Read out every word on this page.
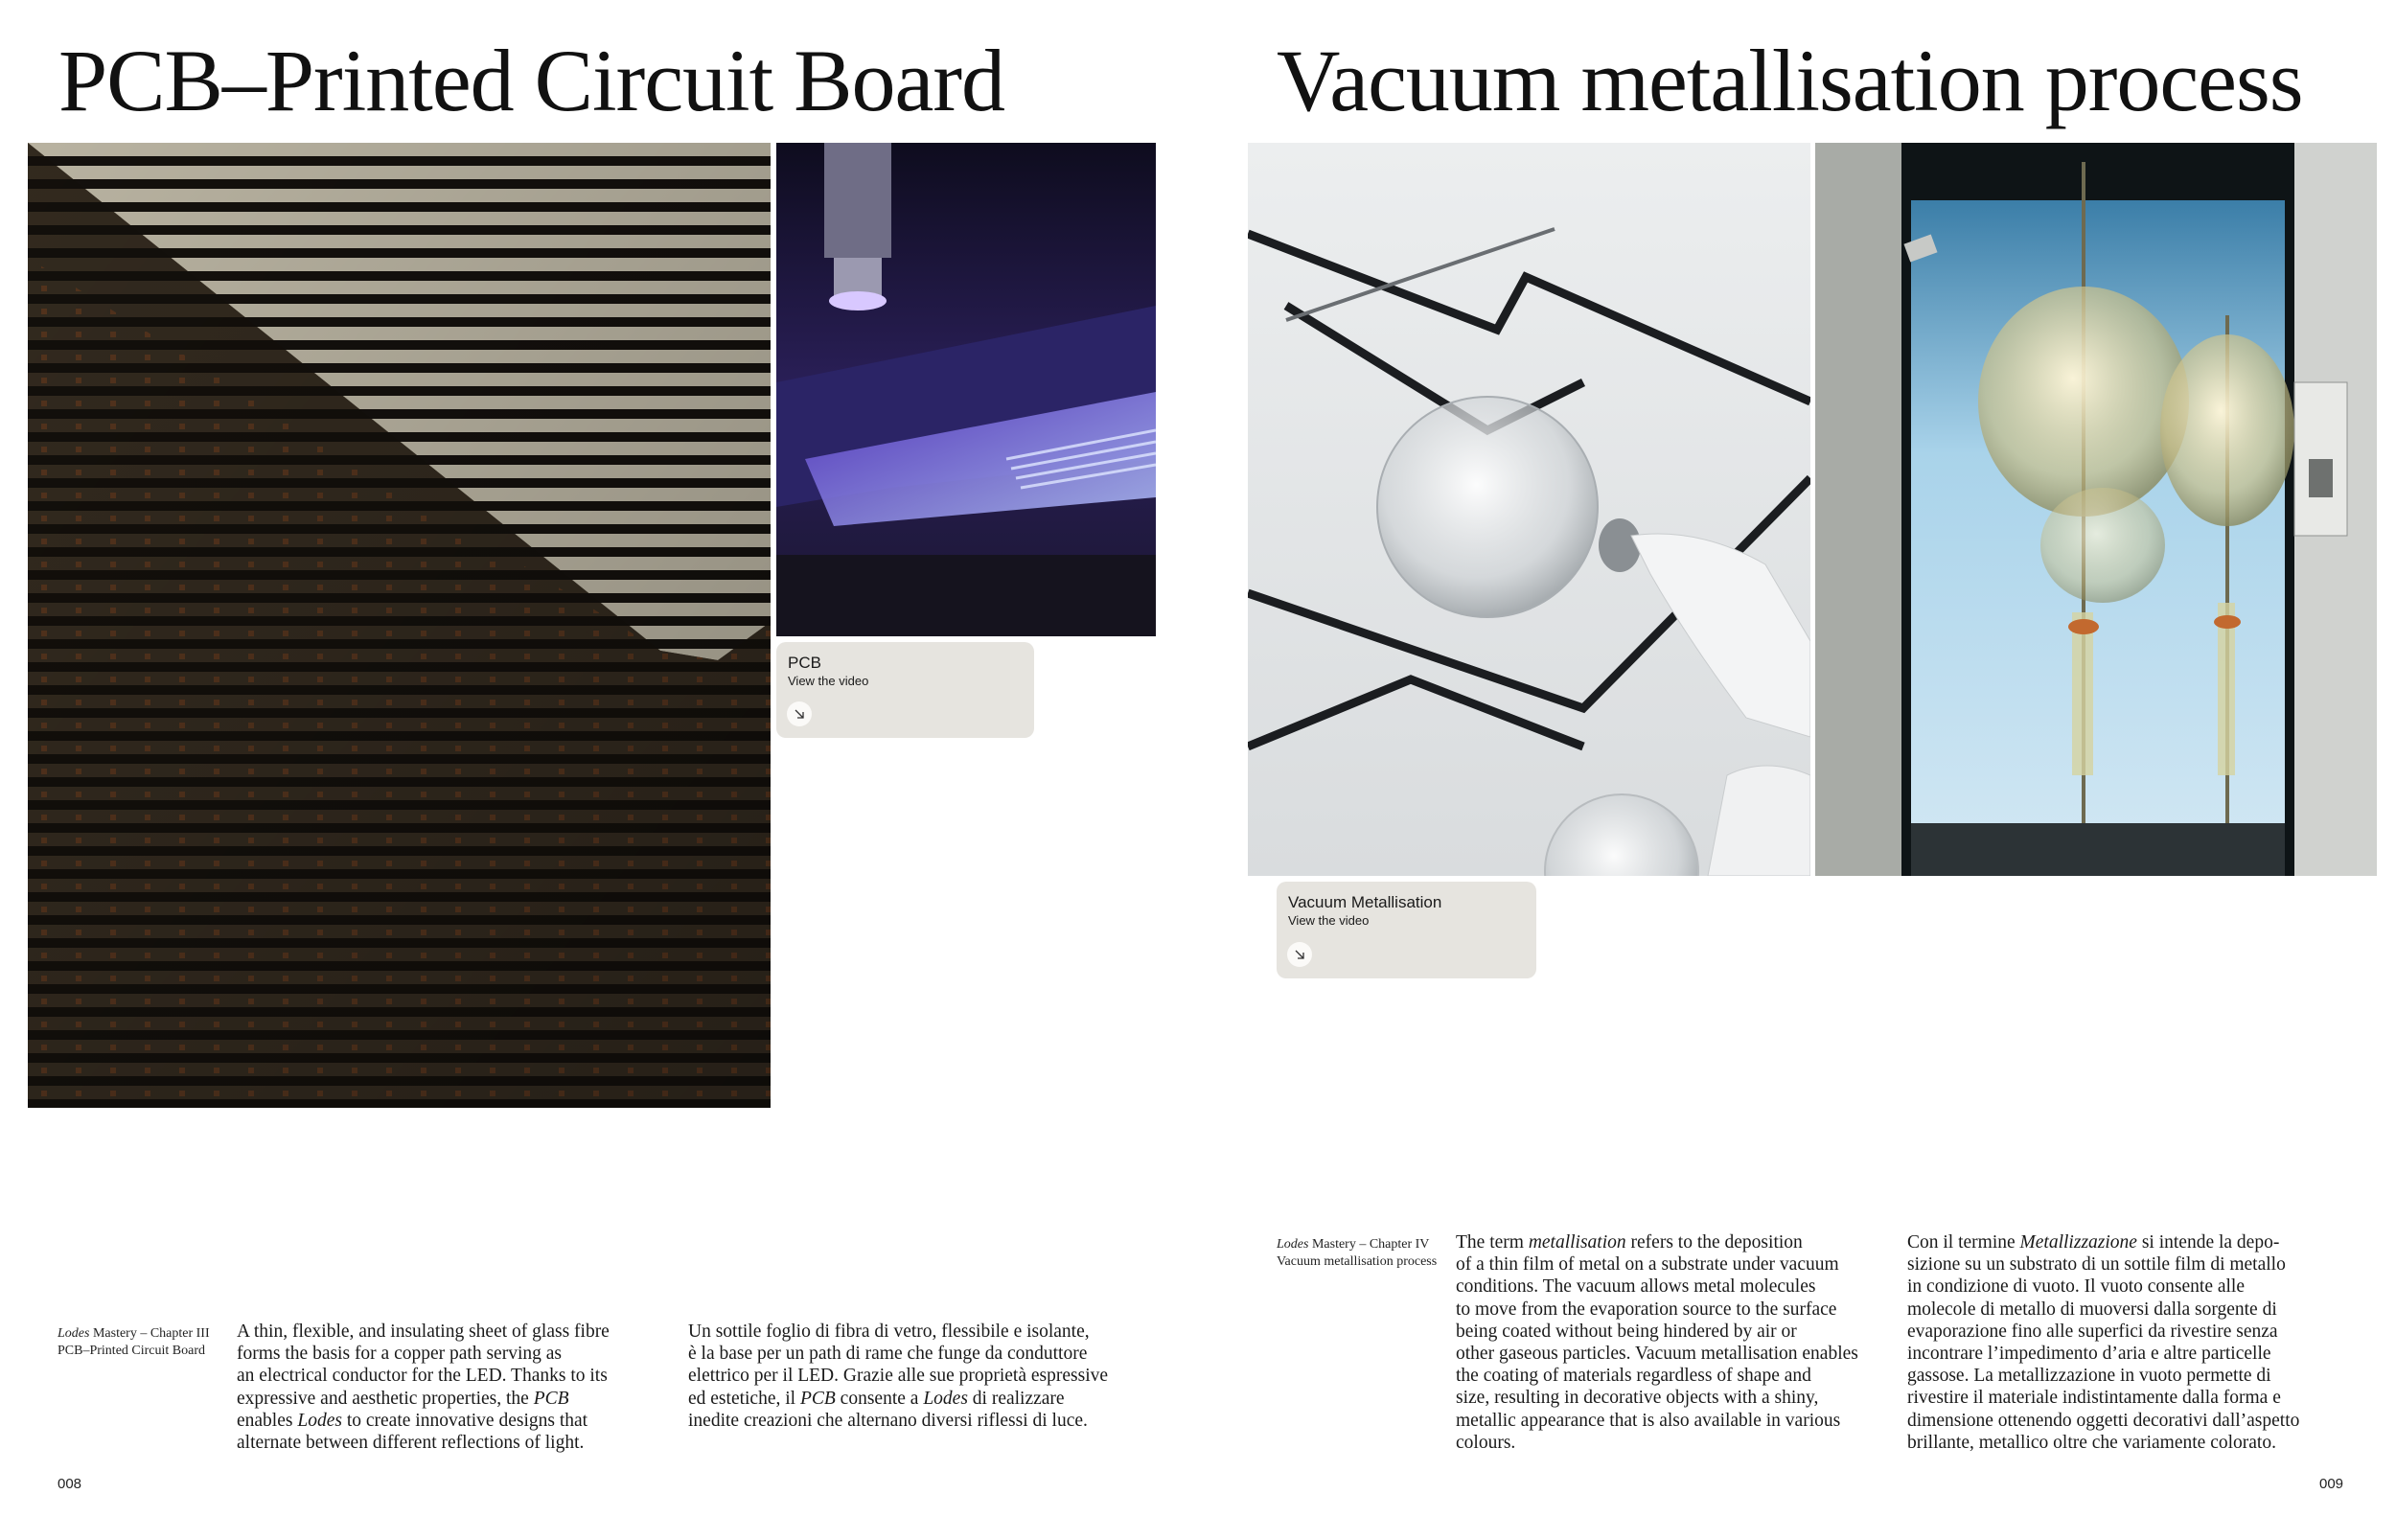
PCB–Printed Circuit Board
PCB
View the video
Lodes Mastery – Chapter III
PCB–Printed Circuit Board
A thin, flexible, and insulating sheet of glass fibre
forms the basis for a copper path serving as
an electrical conductor for the LED. Thanks to its
expressive and aesthetic properties, the PCB
enables Lodes to create innovative designs that
alternate between different reflections of light.
Un sottile foglio di fibra di vetro, flessibile e isolante,
è la base per un path di rame che funge da conduttore
elettrico per il LED. Grazie alle sue proprietà espressive
ed estetiche, il PCB consente a Lodes di realizzare
inedite creazioni che alternano diversi riflessi di luce.
008
Vacuum metallisation process
Vacuum Metallisation
View the video
Lodes Mastery – Chapter IV
Vacuum metallisation process
The term metallisation refers to the deposition
of a thin film of metal on a substrate under vacuum
conditions. The vacuum allows metal molecules
to move from the evaporation source to the surface
being coated without being hindered by air or
other gaseous particles. Vacuum metallisation enables
the coating of materials regardless of shape and
size, resulting in decorative objects with a shiny,
metallic appearance that is also available in various
colours.
Con il termine Metallizzazione si intende la depo-
sizione su un substrato di un sottile film di metallo
in condizione di vuoto. Il vuoto consente alle
molecole di metallo di muoversi dalla sorgente di
evaporazione fino alle superfici da rivestire senza
incontrare l’impedimento d’aria e altre particelle
gassose. La metallizzazione in vuoto permette di
rivestire il materiale indistintamente dalla forma e
dimensione ottenendo oggetti decorativi dall’aspetto
brillante, metallico oltre che variamente colorato.
009
